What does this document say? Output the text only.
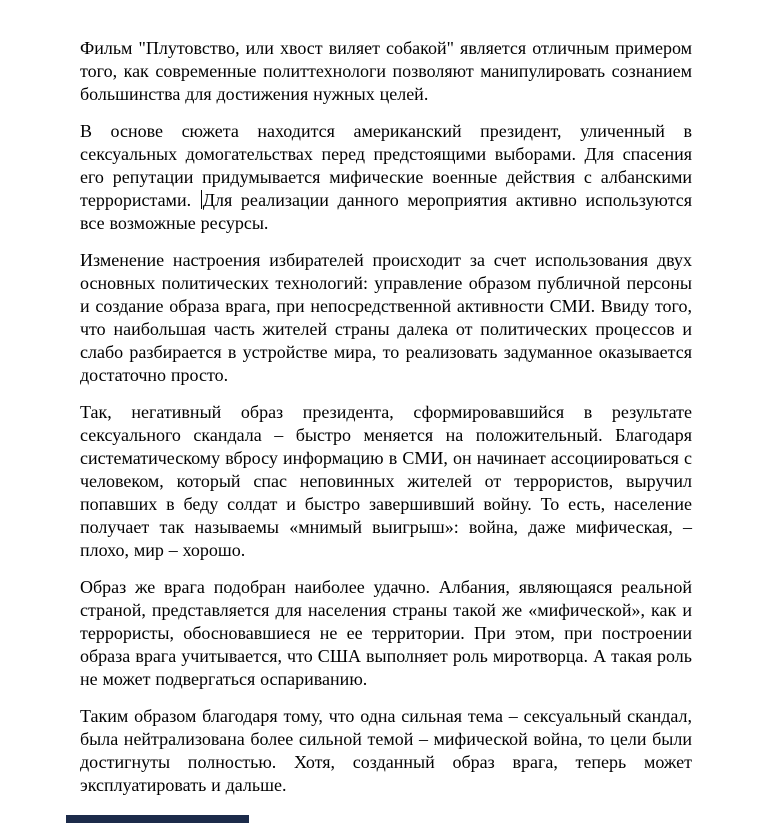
Фильм "Плутовство, или хвост виляет собакой" является отличным примером того, как современные политтехнологи позволяют манипулировать сознанием большинства для достижения нужных целей.

В основе сюжета находится американский президент, уличенный в сексуальных домогательствах перед предстоящими выборами. Для спасения его репутации придумывается мифические военные действия с албанскими террористами. Для реализации данного мероприятия активно используются все возможные ресурсы.

Изменение настроения избирателей происходит за счет использования двух основных политических технологий: управление образом публичной персоны и создание образа врага, при непосредственной активности СМИ. Ввиду того, что наибольшая часть жителей страны далека от политических процессов и слабо разбирается в устройстве мира, то реализовать задуманное оказывается достаточно просто.

Так, негативный образ президента, сформировавшийся в результате сексуального скандала – быстро меняется на положительный. Благодаря систематическому вбросу информацию в СМИ, он начинает ассоциироваться с человеком, который спас неповинных жителей от террористов, выручил попавших в беду солдат и быстро завершивший войну. То есть, население получает так называемы «мнимый выигрыш»: война, даже мифическая, – плохо, мир – хорошо.

Образ же врага подобран наиболее удачно. Албания, являющаяся реальной страной, представляется для населения страны такой же «мифической», как и террористы, обосновавшиеся не ее территории. При этом, при построении образа врага учитывается, что США выполняет роль миротворца. А такая роль не может подвергаться оспариванию.

Таким образом благодаря тому, что одна сильная тема – сексуальный скандал, была нейтрализована более сильной темой – мифической война, то цели были достигнуты полностью. Хотя, созданный образ врага, теперь может эксплуатировать и дальше.
